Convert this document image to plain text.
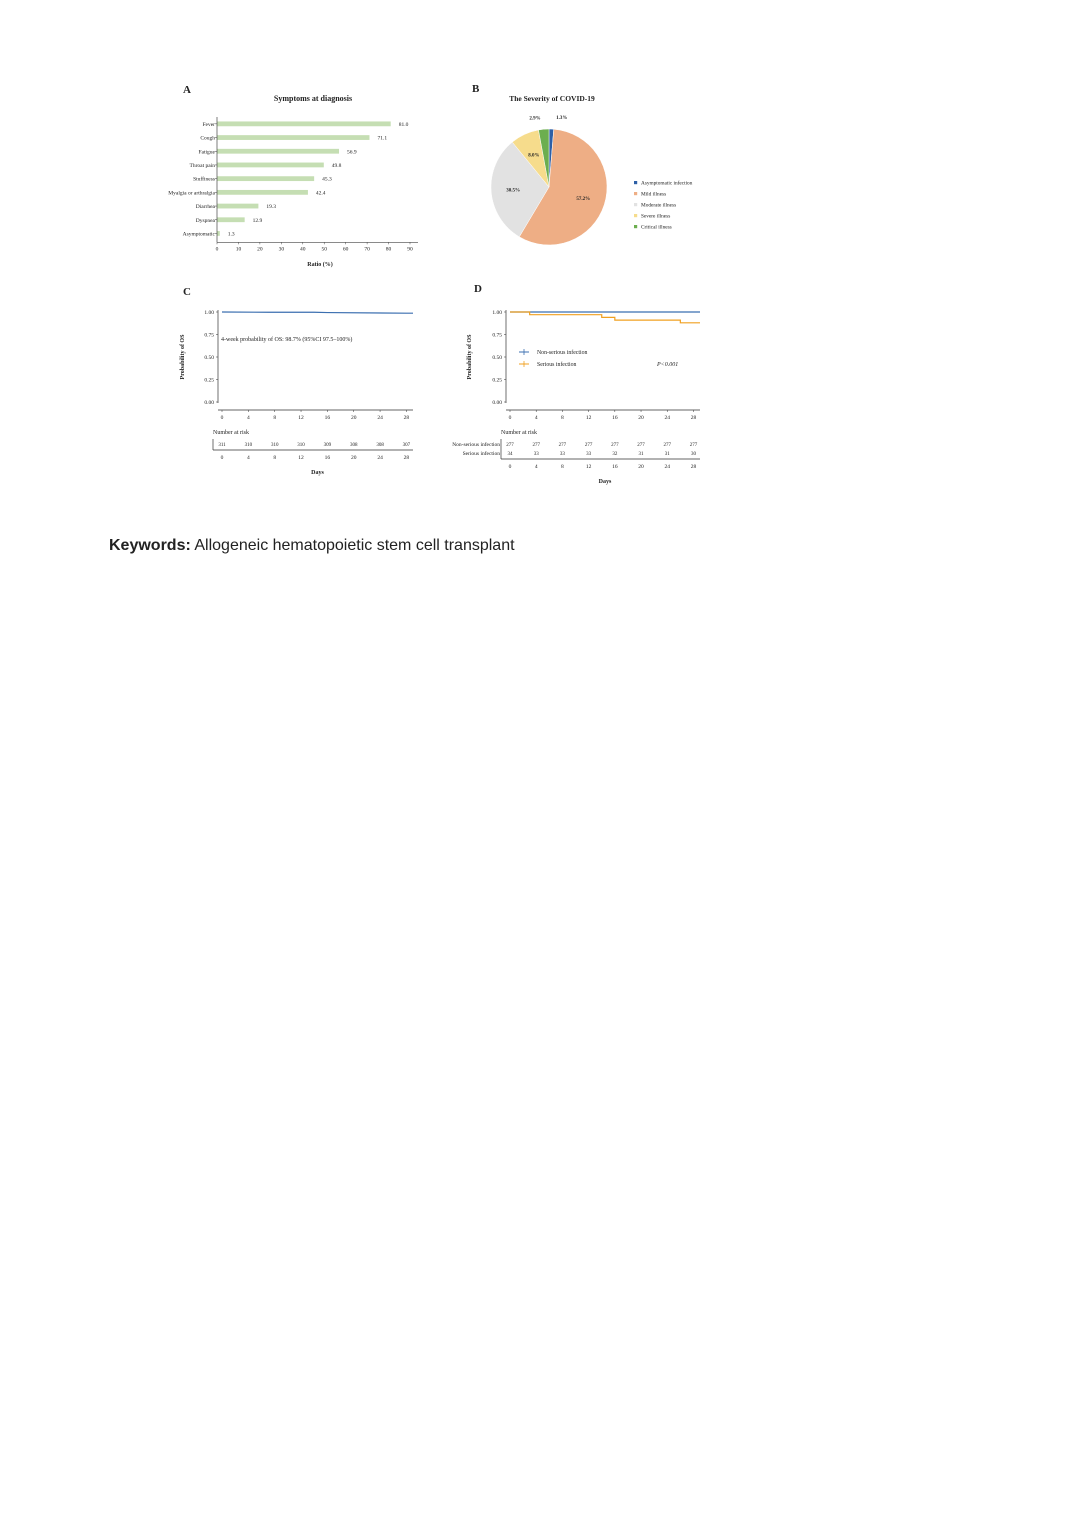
A
Symptoms at diagnosis
Fever	81.0
Cough	71.1
Fatigue	56.9
Throat pain	49.8
Stuffiness	45.3
Myalgia or arthralgia	42.4
Diarrhea	19.3
Dyspnea	12.9
Asymptomatic 1.3
0	10	20	30	40	50	60	70	80	90
Ratio (%)
B
The Severity of COVID-19
1.3%
57.2%
30.5%
8.0%
2.9%
Asymptomatic infection
Mild illness
Moderate illness
Severe illness
Critical illness
C
0.00
0.25
0.50
0.75
1.00
0	4	8	12	16	20	24	28
Probability of OS
Number at risk
311	310	310	310	309	308	308	307
0	4	8	12	16	20	24	28
Days
4-week probability of OS: 98.7% (95%CI 97.5–100%)
D
0.00
0.25
0.50
0.75
1.00
0	4	8	12	16	20	24	28
Probability of OS
Number at risk
Non-serious infection 277	277	277	277	277	277	277	277
Serious infection 34	33	33	33	32	31	31	30
0	4	8	12	16	20	24	28
Days
Non-serious infection
Serious infection	P<0.001
Keywords: Allogeneic hematopoietic stem cell transplant
